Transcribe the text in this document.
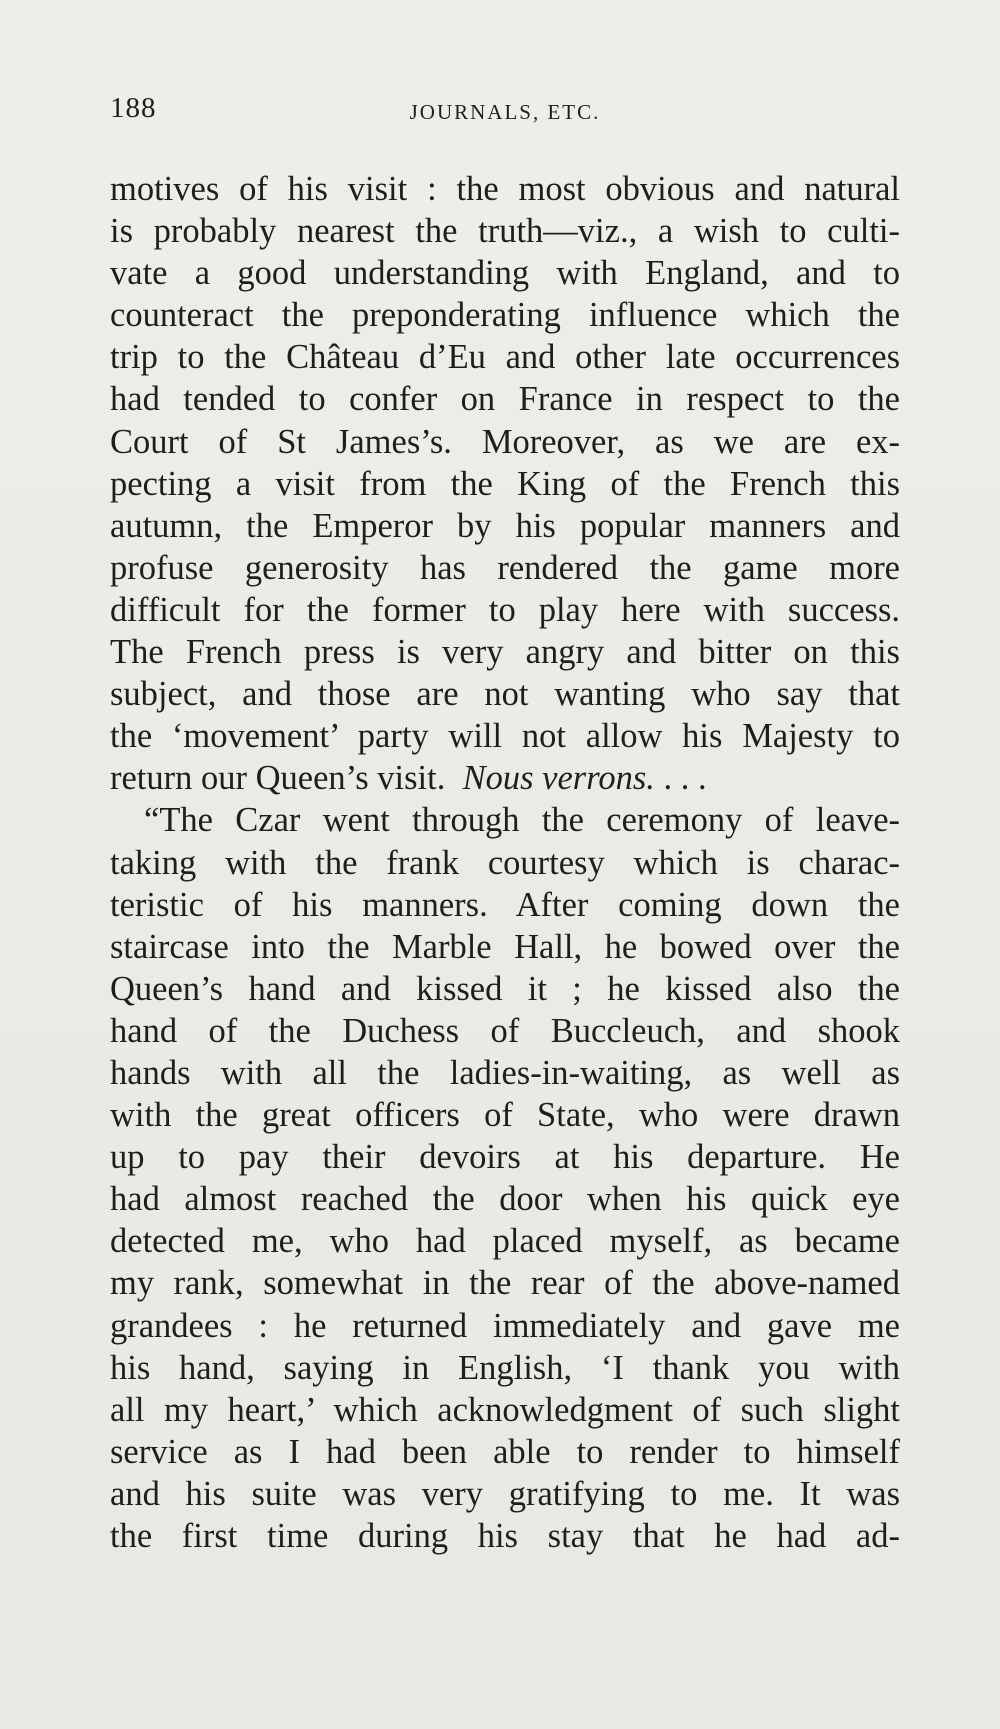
188	JOURNALS, ETC.
motives of his visit : the most obvious and natural
is probably nearest the truth—viz., a wish to culti-
vate a good understanding with England, and to
counteract the preponderating influence which the
trip to the Château d’Eu and other late occurrences
had tended to confer on France in respect to the
Court of St James’s. Moreover, as we are ex-
pecting a visit from the King of the French this
autumn, the Emperor by his popular manners and
profuse generosity has rendered the game more
difficult for the former to play here with success.
The French press is very angry and bitter on this
subject, and those are not wanting who say that
the ‘movement’ party will not allow his Majesty to
return our Queen’s visit. Nous verrons. . . .
“The Czar went through the ceremony of leave-
taking with the frank courtesy which is charac-
teristic of his manners. After coming down the
staircase into the Marble Hall, he bowed over the
Queen’s hand and kissed it ; he kissed also the
hand of the Duchess of Buccleuch, and shook
hands with all the ladies-in-waiting, as well as
with the great officers of State, who were drawn
up to pay their devoirs at his departure. He
had almost reached the door when his quick eye
detected me, who had placed myself, as became
my rank, somewhat in the rear of the above-named
grandees : he returned immediately and gave me
his hand, saying in English, ‘I thank you with
all my heart,’ which acknowledgment of such slight
service as I had been able to render to himself
and his suite was very gratifying to me. It was
the first time during his stay that he had ad-
